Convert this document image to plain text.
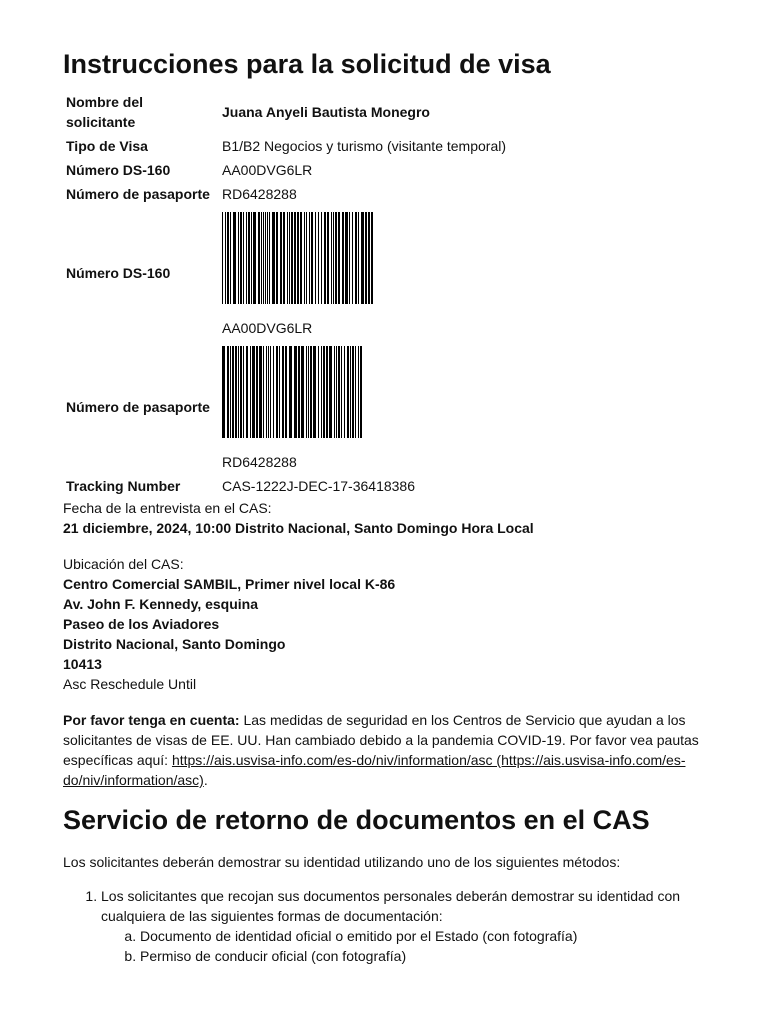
Instrucciones para la solicitud de visa
Nombre del solicitante	Juana Anyeli Bautista Monegro
Tipo de Visa	B1/B2 Negocios y turismo (visitante temporal)
Número DS-160	AA00DVG6LR
Número de pasaporte	RD6428288
Número DS-160	AA00DVG6LR

Número de pasaporte	RD6428288

Tracking Number	CAS-1222J-DEC-17-36418386

Fecha de la entrevista en el CAS:

21 diciembre, 2024, 10:00 Distrito Nacional, Santo Domingo Hora Local

Ubicación del CAS:

Centro Comercial SAMBIL, Primer nivel local K-86

Av. John F. Kennedy, esquina

Paseo de los Aviadores

Distrito Nacional, Santo Domingo

10413

Asc Reschedule Until

Por favor tenga en cuenta: Las medidas de seguridad en los Centros de Servicio que ayudan a los solicitantes de visas de EE. UU. Han cambiado debido a la pandemia COVID-19. Por favor vea pautas específicas aquí: https://ais.usvisa-info.com/es-do/niv/information/asc (https://ais.usvisa-info.com/es-do/niv/information/asc).

Servicio de retorno de documentos en el CAS

Los solicitantes deberán demostrar su identidad utilizando uno de los siguientes métodos:

1. Los solicitantes que recojan sus documentos personales deberán demostrar su identidad con cualquiera de las siguientes formas de documentación:
a. Documento de identidad oficial o emitido por el Estado (con fotografía)
b. Permiso de conducir oficial (con fotografía)
